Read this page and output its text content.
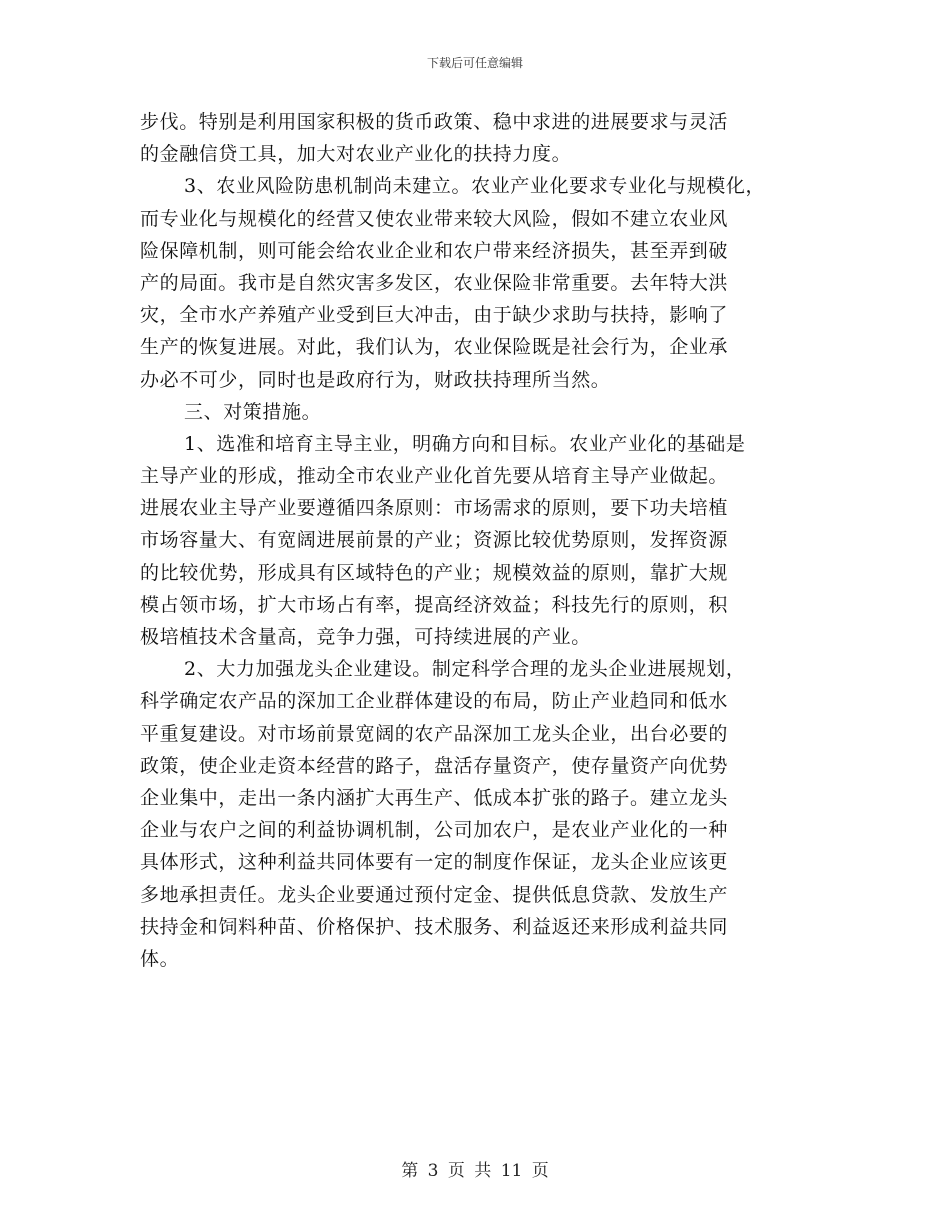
下载后可任意编辑
步伐。特别是利用国家积极的货币政策、稳中求进的进展要求与灵活
的金融信贷工具，加大对农业产业化的扶持力度。
3、农业风险防患机制尚未建立。农业产业化要求专业化与规模化，
而专业化与规模化的经营又使农业带来较大风险，假如不建立农业风
险保障机制，则可能会给农业企业和农户带来经济损失，甚至弄到破
产的局面。我市是自然灾害多发区，农业保险非常重要。去年特大洪
灾，全市水产养殖产业受到巨大冲击，由于缺少求助与扶持，影响了
生产的恢复进展。对此，我们认为，农业保险既是社会行为，企业承
办必不可少，同时也是政府行为，财政扶持理所当然。
三、对策措施。
1、选准和培育主导主业，明确方向和目标。农业产业化的基础是
主导产业的形成，推动全市农业产业化首先要从培育主导产业做起。
进展农业主导产业要遵循四条原则：市场需求的原则，要下功夫培植
市场容量大、有宽阔进展前景的产业；资源比较优势原则，发挥资源
的比较优势，形成具有区域特色的产业；规模效益的原则，靠扩大规
模占领市场，扩大市场占有率，提高经济效益；科技先行的原则，积
极培植技术含量高，竞争力强，可持续进展的产业。
2、大力加强龙头企业建设。制定科学合理的龙头企业进展规划，
科学确定农产品的深加工企业群体建设的布局，防止产业趋同和低水
平重复建设。对市场前景宽阔的农产品深加工龙头企业，出台必要的
政策，使企业走资本经营的路子，盘活存量资产，使存量资产向优势
企业集中，走出一条内涵扩大再生产、低成本扩张的路子。建立龙头
企业与农户之间的利益协调机制，公司加农户，是农业产业化的一种
具体形式，这种利益共同体要有一定的制度作保证，龙头企业应该更
多地承担责任。龙头企业要通过预付定金、提供低息贷款、发放生产
扶持金和饲料种苗、价格保护、技术服务、利益返还来形成利益共同
体。
第 3 页 共 11 页
